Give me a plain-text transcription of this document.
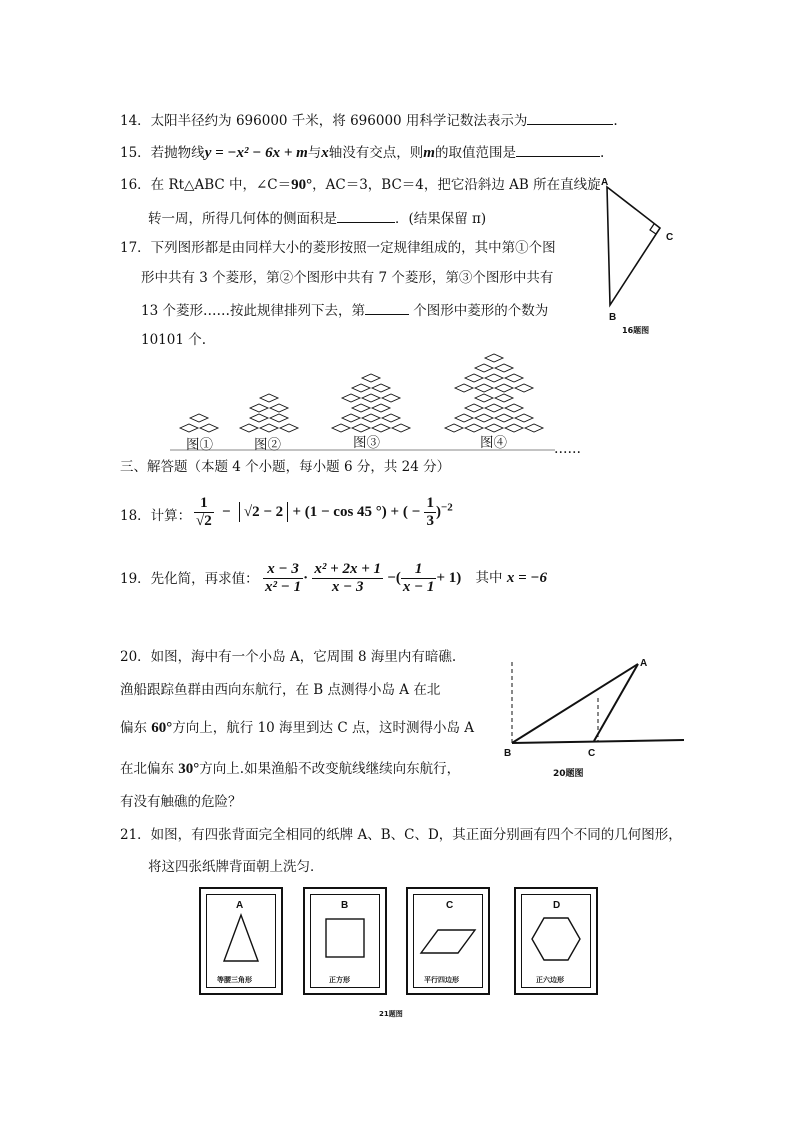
14．太阳半径约为 696000 千米，将 696000 用科学记数法表示为	.
15．若抛物线y = −x² − 6x + m与x轴没有交点，则m的取值范围是	.
16．在 Rt△ABC 中，∠C＝90°，AC＝3，BC＝4，把它沿斜边 AB 所在直线旋
转一周，所得几何体的侧面积是	．(结果保留 π)
A
C
B
16题图
17．下列图形都是由同样大小的菱形按照一定规律组成的，其中第①个图
形中共有 3 个菱形，第②个图形中共有 7 个菱形，第③个图形中共有
13 个菱形……按此规律排列下去，第	个图形中菱形的个数为
10101 个.
图①	图②	图③	图④	……
三、解答题（本题 4 个小题，每小题 6 分，共 24 分）
18．计算： $\frac{1}{√2} - √2 - 2 + (1 - \cos 45$ °) + ( − $\frac{1}{3} )^{-2}$
19．先化简，再求值： $\frac{x - 3}{\text{x² − 1}} \cdot \frac{\text{x² + 2x + 1}}{x - 3}$ −( $\frac{1}{x - 1} + 1$) 其中 x = −6
20．如图，海中有一个小岛 A，它周围 8 海里内有暗礁.
渔船跟踪鱼群由西向东航行，在 B 点测得小岛 A 在北
偏东 60°方向上，航行 10 海里到达 C 点，这时测得小岛 A
在北偏东 30°方向上.如果渔船不改变航线继续向东航行，
有没有触礁的危险？
A
B	C
20题图
21．如图，有四张背面完全相同的纸牌 A、B、C、D，其正面分别画有四个不同的几何图形，
将这四张纸牌背面朝上洗匀．
A
等腰三角形
B
正方形
C
平行四边形
D
正六边形
21题图
